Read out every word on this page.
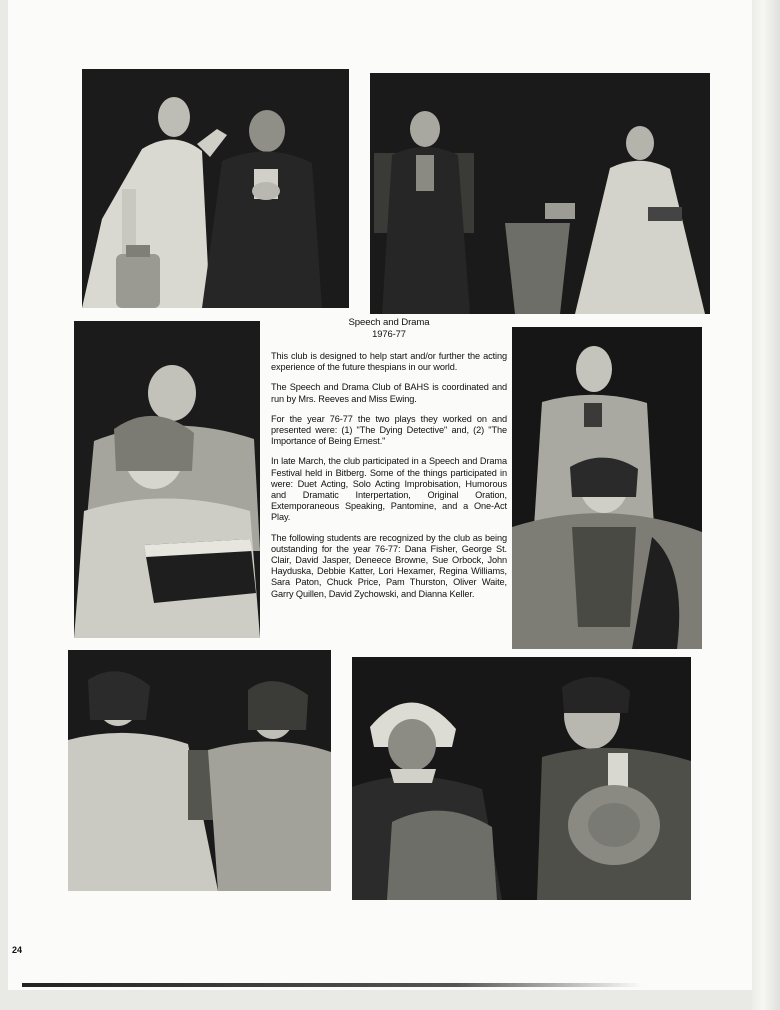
Speech and Drama
1976-77

This club is designed to help start and/or further the acting experience of the future thespians in our world.

The Speech and Drama Club of BAHS is coordinated and run by Mrs. Reeves and Miss Ewing.

For the year 76-77 the two plays they worked on and presented were: (1) "The Dying Detective" and, (2) "The Importance of Being Ernest."

In late March, the club participated in a Speech and Drama Festival held in Bitberg. Some of the things participated in were: Duet Acting, Solo Acting Improbisation, Humorous and Dramatic Interpertation, Original Oration, Extemporaneous Speaking, Pantomine, and a One-Act Play.

The following students are recognized by the club as being outstanding for the year 76-77: Dana Fisher, George St. Clair, David Jasper, Deneece Browne, Sue Orbock, John Hayduska, Debbie Katter, Lori Hexamer, Regina Williams, Sara Paton, Chuck Price, Pam Thurston, Oliver Waite, Garry Quillen, David Zychowski, and Dianna Keller.

24
